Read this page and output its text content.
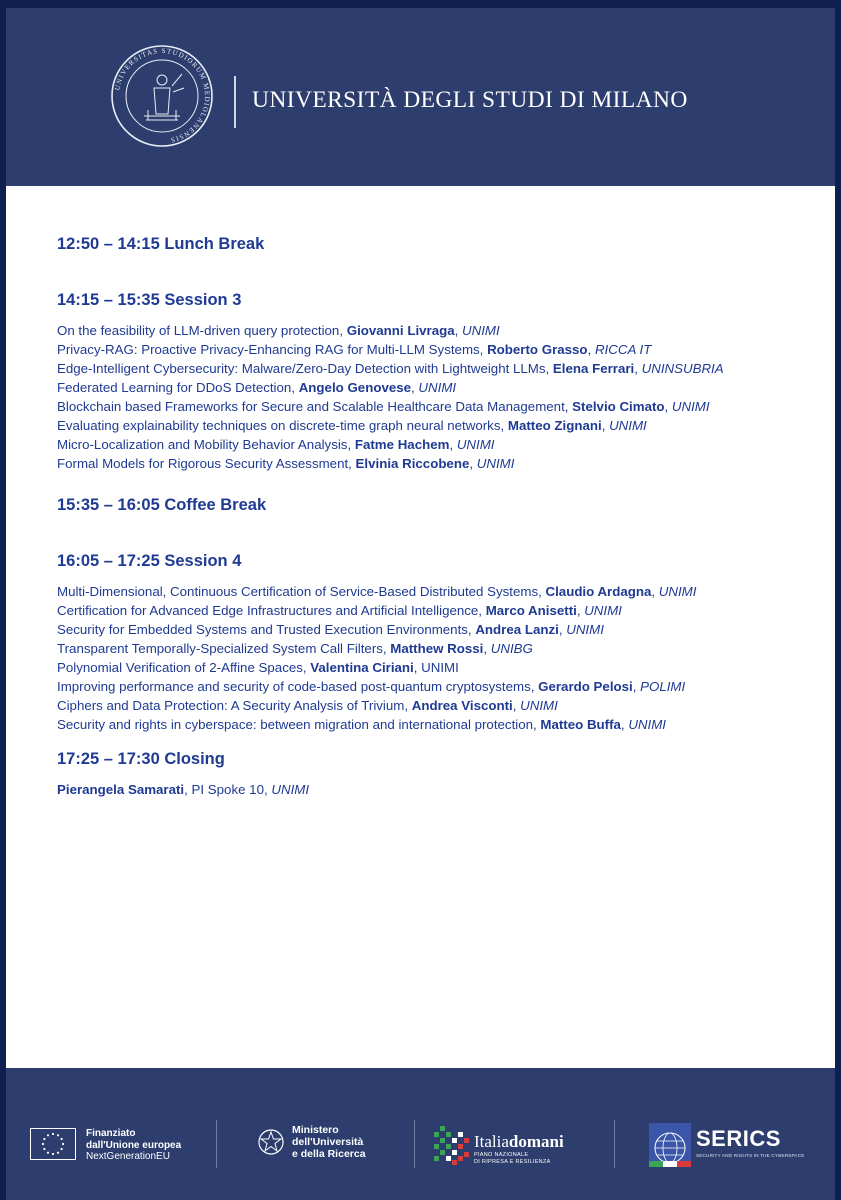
UNIVERSITAS STUDIORUM MEDIOLANENSIS
UNIVERSITÀ DEGLI STUDI DI MILANO

12:50 – 14:15 Lunch Break

14:15 – 15:35 Session 3

On the feasibility of LLM-driven query protection, Giovanni Livraga, UNIMI
Privacy-RAG: Proactive Privacy-Enhancing RAG for Multi-LLM Systems, Roberto Grasso, RICCA IT
Edge-Intelligent Cybersecurity: Malware/Zero-Day Detection with Lightweight LLMs, Elena Ferrari, UNINSUBRIA
Federated Learning for DDoS Detection, Angelo Genovese, UNIMI
Blockchain based Frameworks for Secure and Scalable Healthcare Data Management, Stelvio Cimato, UNIMI
Evaluating explainability techniques on discrete-time graph neural networks, Matteo Zignani, UNIMI
Micro-Localization and Mobility Behavior Analysis, Fatme Hachem, UNIMI
Formal Models for Rigorous Security Assessment, Elvinia Riccobene, UNIMI

15:35 – 16:05 Coffee Break

16:05 – 17:25 Session 4

Multi-Dimensional, Continuous Certification of Service-Based Distributed Systems, Claudio Ardagna, UNIMI
Certification for Advanced Edge Infrastructures and Artificial Intelligence, Marco Anisetti, UNIMI
Security for Embedded Systems and Trusted Execution Environments, Andrea Lanzi, UNIMI
Transparent Temporally-Specialized System Call Filters, Matthew Rossi, UNIBG
Polynomial Verification of 2-Affine Spaces, Valentina Ciriani, UNIMI
Improving performance and security of code-based post-quantum cryptosystems, Gerardo Pelosi, POLIMI
Ciphers and Data Protection: A Security Analysis of Trivium, Andrea Visconti, UNIMI
Security and rights in cyberspace: between migration and international protection, Matteo Buffa, UNIMI

17:25 – 17:30 Closing

Pierangela Samarati, PI Spoke 10, UNIMI
Finanziato
dall'Unione europea
NextGenerationEU
Ministero
dell'Università
e della Ricerca
Italiadomani
PIANO NAZIONALE
DI RIPRESA E RESILIENZA
SERICS
SECURITY AND RIGHTS IN THE CYBERSPACE
